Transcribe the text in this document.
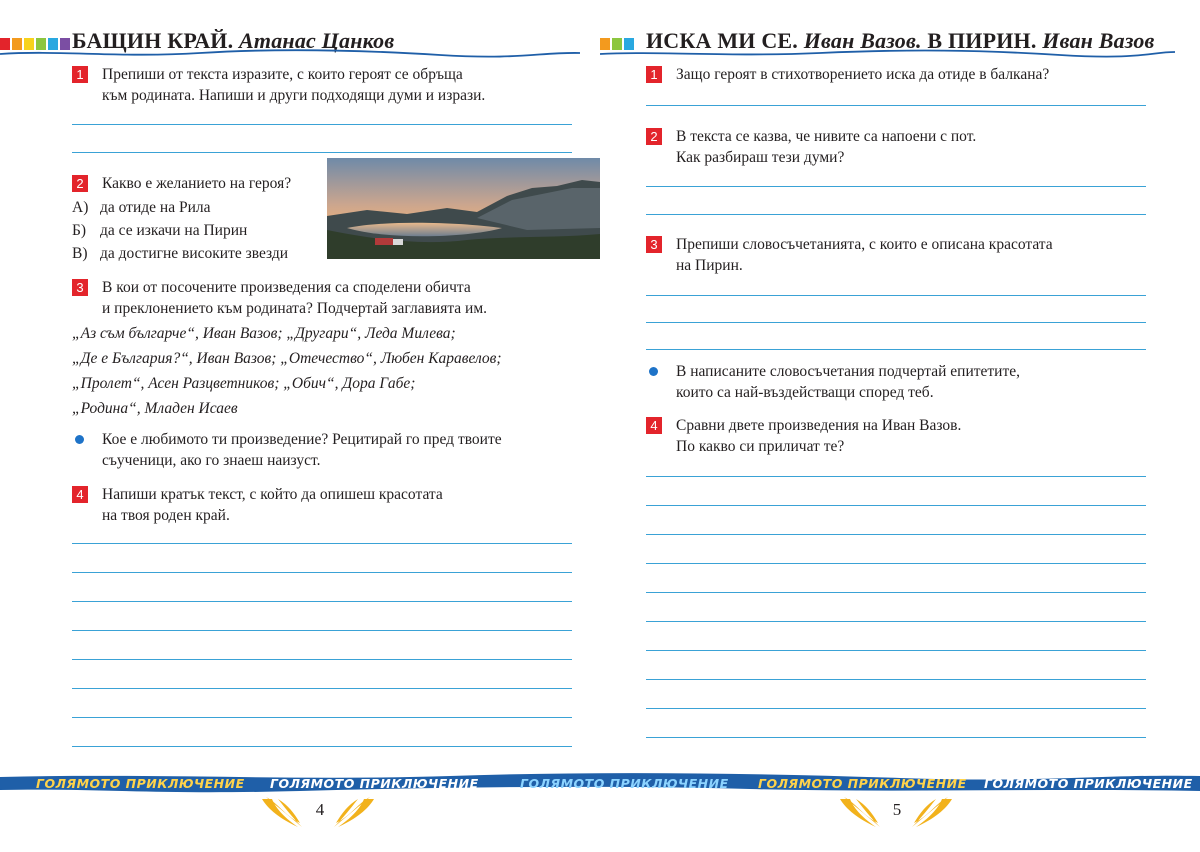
БАЩИН КРАЙ. Атанас Цанков
1 Препиши от текста изразите, с които героят се обръща
към родината. Напиши и други подходящи думи и изрази.
2 Какво е желанието на героя?
А) да отиде на Рила
Б) да се изкачи на Пирин
В) да достигне високите звезди
3 В кои от посочените произведения са споделени обичта
и преклонението към родината? Подчертай заглавията им.
„Аз съм българче“, Иван Вазов; „Другари“, Леда Милева;
„Де е България?“, Иван Вазов; „Отечество“, Любен Каравелов;
„Пролет“, Асен Разцветников; „Обич“, Дора Габе;
„Родина“, Младен Исаев
Кое е любимото ти произведение? Рецитирай го пред твоите
съученици, ако го знаеш наизуст.
4 Напиши кратък текст, с който да опишеш красотата
на твоя роден край.
4
ИСКА МИ СЕ. Иван Вазов. В ПИРИН. Иван Вазов
1 Защо героят в стихотворението иска да отиде в балкана?
2 В текста се казва, че нивите са напоени с пот.
Как разбираш тези думи?
3 Препиши словосъчетанията, с които е описана красотата
на Пирин.
В написаните словосъчетания подчертай епитетите,
които са най-въздействащи според теб.
4 Сравни двете произведения на Иван Вазов.
По какво си приличат те?
5
ГОЛЯМОТО ПРИКЛЮЧЕНИЕ ГОЛЯМОТО ПРИКЛЮЧЕНИЕ	ГОЛЯМОТО ПРИКЛЮЧЕНИЕ	ГОЛЯМОТО ПРИКЛЮЧЕНИЕ ГОЛЯМОТО ПРИКЛЮЧЕНИЕ
